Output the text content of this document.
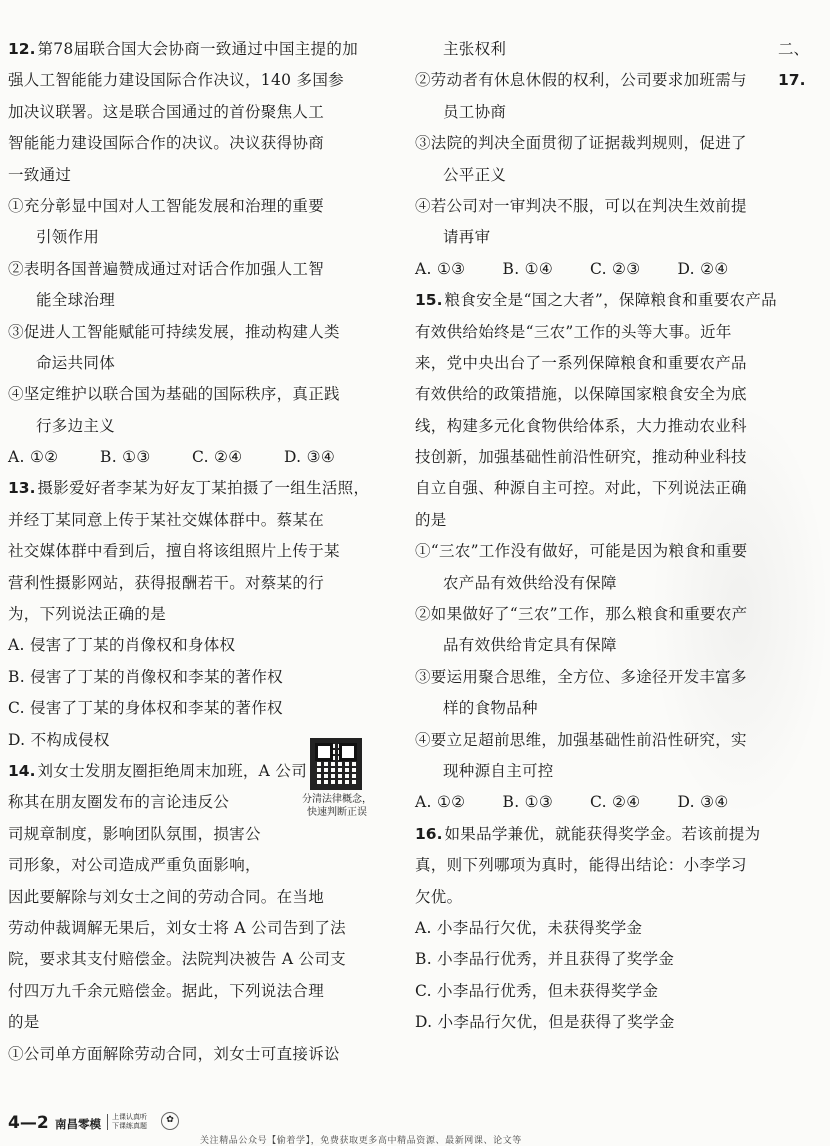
12. 第78届联合国大会协商一致通过中国主提的加
强人工智能能力建设国际合作决议，140 多国参
加决议联署。这是联合国通过的首份聚焦人工
智能能力建设国际合作的决议。决议获得协商
一致通过
①充分彰显中国对人工智能发展和治理的重要
引领作用
②表明各国普遍赞成通过对话合作加强人工智
能全球治理
③促进人工智能赋能可持续发展，推动构建人类
命运共同体
④坚定维护以联合国为基础的国际秩序，真正践
行多边主义
A. ①②	B. ①③	C. ②④	D. ③④
13. 摄影爱好者李某为好友丁某拍摄了一组生活照，
并经丁某同意上传于某社交媒体群中。蔡某在
社交媒体群中看到后，擅自将该组照片上传于某
营利性摄影网站，获得报酬若干。对蔡某的行
为，下列说法正确的是
A. 侵害了丁某的肖像权和身体权
B. 侵害了丁某的肖像权和李某的著作权
C. 侵害了丁某的身体权和李某的著作权
D. 不构成侵权
14. 刘女士发朋友圈拒绝周末加班，A 公司
称其在朋友圈发布的言论违反公
司规章制度，影响团队氛围，损害公
司形象，对公司造成严重负面影响，
因此要解除与刘女士之间的劳动合同。在当地
劳动仲裁调解无果后，刘女士将 A 公司告到了法
院，要求其支付赔偿金。法院判决被告 A 公司支
付四万九千余元赔偿金。据此，下列说法合理
的是
①公司单方面解除劳动合同，刘女士可直接诉讼
主张权利
②劳动者有休息休假的权利，公司要求加班需与
员工协商
③法院的判决全面贯彻了证据裁判规则，促进了
公平正义
④若公司对一审判决不服，可以在判决生效前提
请再审
A. ①③	B. ①④	C. ②③	D. ②④
15. 粮食安全是“国之大者”，保障粮食和重要农产品
有效供给始终是“三农”工作的头等大事。近年
来，党中央出台了一系列保障粮食和重要农产品
有效供给的政策措施，以保障国家粮食安全为底
线，构建多元化食物供给体系，大力推动农业科
技创新，加强基础性前沿性研究，推动种业科技
自立自强、种源自主可控。对此，下列说法正确
的是
①“三农”工作没有做好，可能是因为粮食和重要
农产品有效供给没有保障
②如果做好了“三农”工作，那么粮食和重要农产
品有效供给肯定具有保障
③要运用聚合思维，全方位、多途径开发丰富多
样的食物品种
④要立足超前思维，加强基础性前沿性研究，实
现种源自主可控
A. ①②	B. ①③	C. ②④	D. ③④
16. 如果品学兼优，就能获得奖学金。若该前提为
真，则下列哪项为真时，能得出结论：小李学习
欠优。
A. 小李品行欠优，未获得奖学金
B. 小李品行优秀，并且获得了奖学金
C. 小李品行优秀，但未获得奖学金
D. 小李品行欠优，但是获得了奖学金
分清法律概念，
快速判断正误
二、
17.
4—2 南昌零模 上课认真听
下课练真题
✿
关注精品公众号【偷着学】，免费获取更多高中精品资源、最新网课、论文等
